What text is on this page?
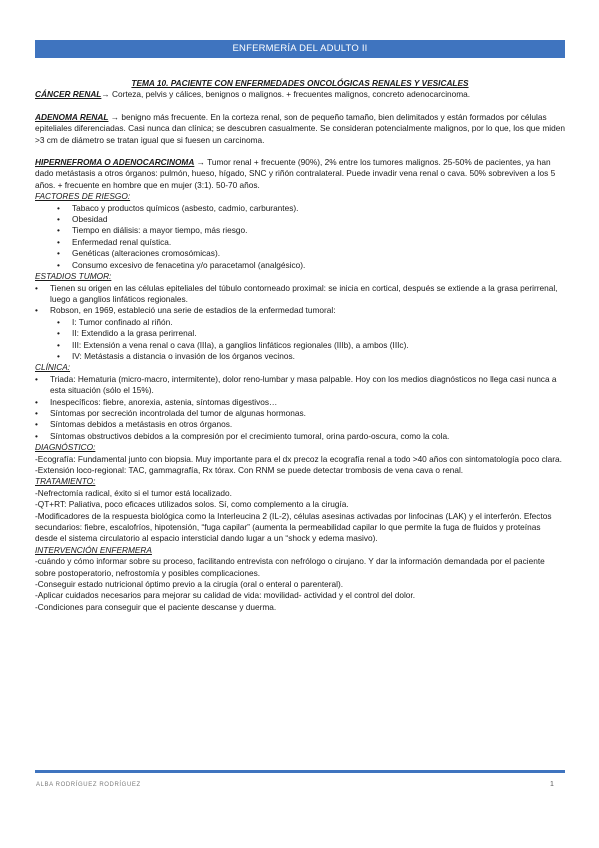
ENFERMERÍA DEL ADULTO II

TEMA 10. PACIENTE CON ENFERMEDADES ONCOLÓGICAS RENALES Y VESICALES

CÁNCER RENAL→ Corteza, pelvis y cálices, benignos o malignos. + frecuentes malignos, concreto adenocarcinoma.

ADENOMA RENAL → benigno más frecuente. En la corteza renal, son de pequeño tamaño, bien delimitados y están formados por células epiteliales diferenciadas. Casi nunca dan clínica; se descubren casualmente. Se consideran potencialmente malignos, por lo que, los que miden >3 cm de diámetro se tratan igual que si fuesen un carcinoma.

HIPERNEFROMA O ADENOCARCINOMA → Tumor renal + frecuente (90%), 2% entre los tumores malignos. 25-50% de pacientes, ya han dado metástasis a otros órganos: pulmón, hueso, hígado, SNC y riñón contralateral. Puede invadir vena renal o cava. 50% sobreviven a los 5 años. + frecuente en hombre que en mujer (3:1). 50-70 años.

FACTORES DE RIESGO:

• Tabaco y productos químicos (asbesto, cadmio, carburantes).
• Obesidad
• Tiempo en diálisis: a mayor tiempo, más riesgo.
• Enfermedad renal quística.
• Genéticas (alteraciones cromosómicas).
• Consumo excesivo de fenacetina y/o paracetamol (analgésico).

ESTADIOS TUMOR:

• Tienen su origen en las células epiteliales del túbulo contorneado proximal: se inicia en cortical, después se extiende a la grasa perirrenal, luego a ganglios linfáticos regionales.
• Robson, en 1969, estableció una serie de estadios de la enfermedad tumoral:
• I: Tumor confinado al riñón.
• II: Extendido a la grasa perirrenal.
• III: Extensión a vena renal o cava (IIIa), a ganglios linfáticos regionales (IIIb), a ambos (IIIc).
• IV: Metástasis a distancia o invasión de los órganos vecinos.

CLÍNICA:

• Triada: Hematuria (micro-macro, intermitente), dolor reno-lumbar y masa palpable. Hoy con los medios diagnósticos no llega casi nunca a esta situación (sólo el 15%).
• Inespecíficos: fiebre, anorexia, astenia, síntomas digestivos…
• Síntomas por secreción incontrolada del tumor de algunas hormonas.
• Síntomas debidos a metástasis en otros órganos.
• Síntomas obstructivos debidos a la compresión por el crecimiento tumoral, orina pardo-oscura, como la cola.

DIAGNÓSTICO:

-Ecografía: Fundamental junto con biopsia. Muy importante para el dx precoz la ecografía renal a todo >40 años con sintomatología poco clara.

-Extensión loco-regional: TAC, gammagrafía, Rx tórax. Con RNM se puede detectar trombosis de vena cava o renal.

TRATAMIENTO:

-Nefrectomía radical, éxito si el tumor está localizado.

-QT+RT: Paliativa, poco eficaces utilizados solos. Sí, como complemento a la cirugía.

-Modificadores de la respuesta biológica como la Interleucina 2 (IL-2), células asesinas activadas por linfocinas (LAK) y el interferón. Efectos secundarios: fiebre, escalofríos, hipotensión, “fuga capilar” (aumenta la permeabilidad capilar lo que permite la fuga de fluidos y proteínas desde el sistema circulatorio al espacio intersticial dando lugar a un “shock y edema masivo).

INTERVENCIÓN ENFERMERA

-cuándo y cómo informar sobre su proceso, facilitando entrevista con nefrólogo o cirujano. Y dar la información demandada por el paciente sobre postoperatorio, nefrostomía y posibles complicaciones.

-Conseguir estado nutricional óptimo previo a la cirugía (oral o enteral o parenteral).

-Aplicar cuidados necesarios para mejorar su calidad de vida: movilidad- actividad y el control del dolor.

-Condiciones para conseguir que el paciente descanse y duerma.

ALBA RODRÍGUEZ RODRÍGUEZ	1
